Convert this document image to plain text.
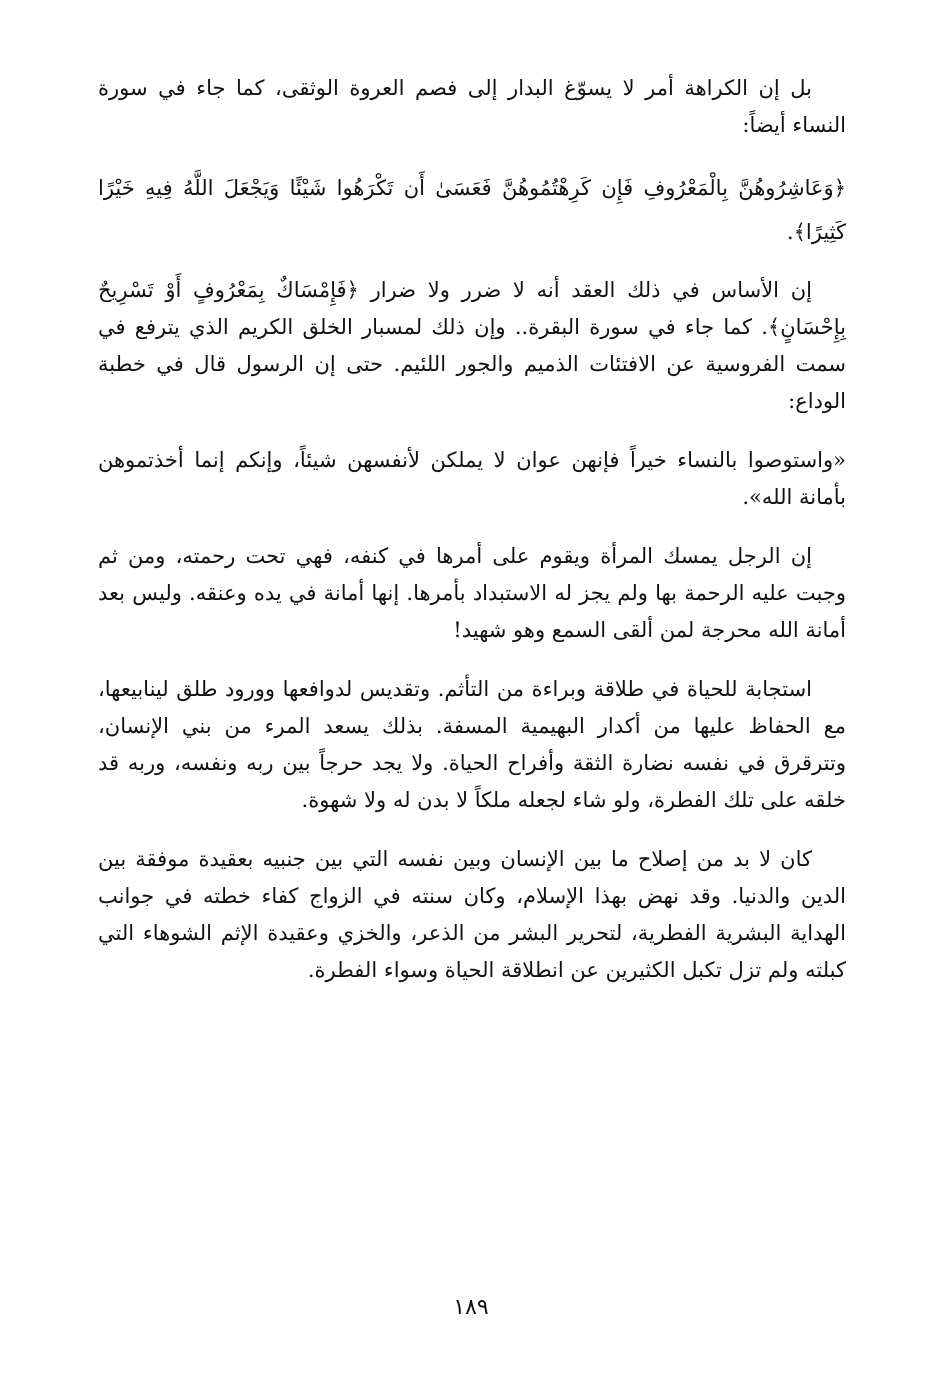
بل إن الكراهة أمر لا يسوّغ البدار إلى فصم العروة الوثقى، كما جاء في سورة النساء أيضاً:

﴿وَعَاشِرُوهُنَّ بِالْمَعْرُوفِ فَإِن كَرِهْتُمُوهُنَّ فَعَسَىٰ أَن تَكْرَهُوا شَيْئًا وَيَجْعَلَ اللَّهُ فِيهِ خَيْرًا كَثِيرًا﴾.

إن الأساس في ذلك العقد أنه لا ضرر ولا ضرار ﴿فَإِمْسَاكٌ بِمَعْرُوفٍ أَوْ تَسْرِيحٌ بِإِحْسَانٍ﴾. كما جاء في سورة البقرة.. وإن ذلك لمسبار الخلق الكريم الذي يترفع في سمت الفروسية عن الافتئات الذميم والجور اللئيم. حتى إن الرسول قال في خطبة الوداع:

«واستوصوا بالنساء خيراً فإنهن عوان لا يملكن لأنفسهن شيئاً، وإنكم إنما أخذتموهن بأمانة الله».

إن الرجل يمسك المرأة ويقوم على أمرها في كنفه، فهي تحت رحمته، ومن ثم وجبت عليه الرحمة بها ولم يجز له الاستبداد بأمرها. إنها أمانة في يده وعنقه. وليس بعد أمانة الله محرجة لمن ألقى السمع وهو شهيد!

استجابة للحياة في طلاقة وبراءة من التأثم. وتقديس لدوافعها وورود طلق لينابيعها، مع الحفاظ عليها من أكدار البهيمية المسفة. بذلك يسعد المرء من بني الإنسان، وتترقرق في نفسه نضارة الثقة وأفراح الحياة. ولا يجد حرجاً بين ربه ونفسه، وربه قد خلقه على تلك الفطرة، ولو شاء لجعله ملكاً لا بدن له ولا شهوة.

كان لا بد من إصلاح ما بين الإنسان وبين نفسه التي بين جنبيه بعقيدة موفقة بين الدين والدنيا. وقد نهض بهذا الإسلام، وكان سنته في الزواج كفاء خطته في جوانب الهداية البشرية الفطرية، لتحرير البشر من الذعر، والخزي وعقيدة الإثم الشوهاء التي كبلته ولم تزل تكبل الكثيرين عن انطلاقة الحياة وسواء الفطرة.

١٨٩
